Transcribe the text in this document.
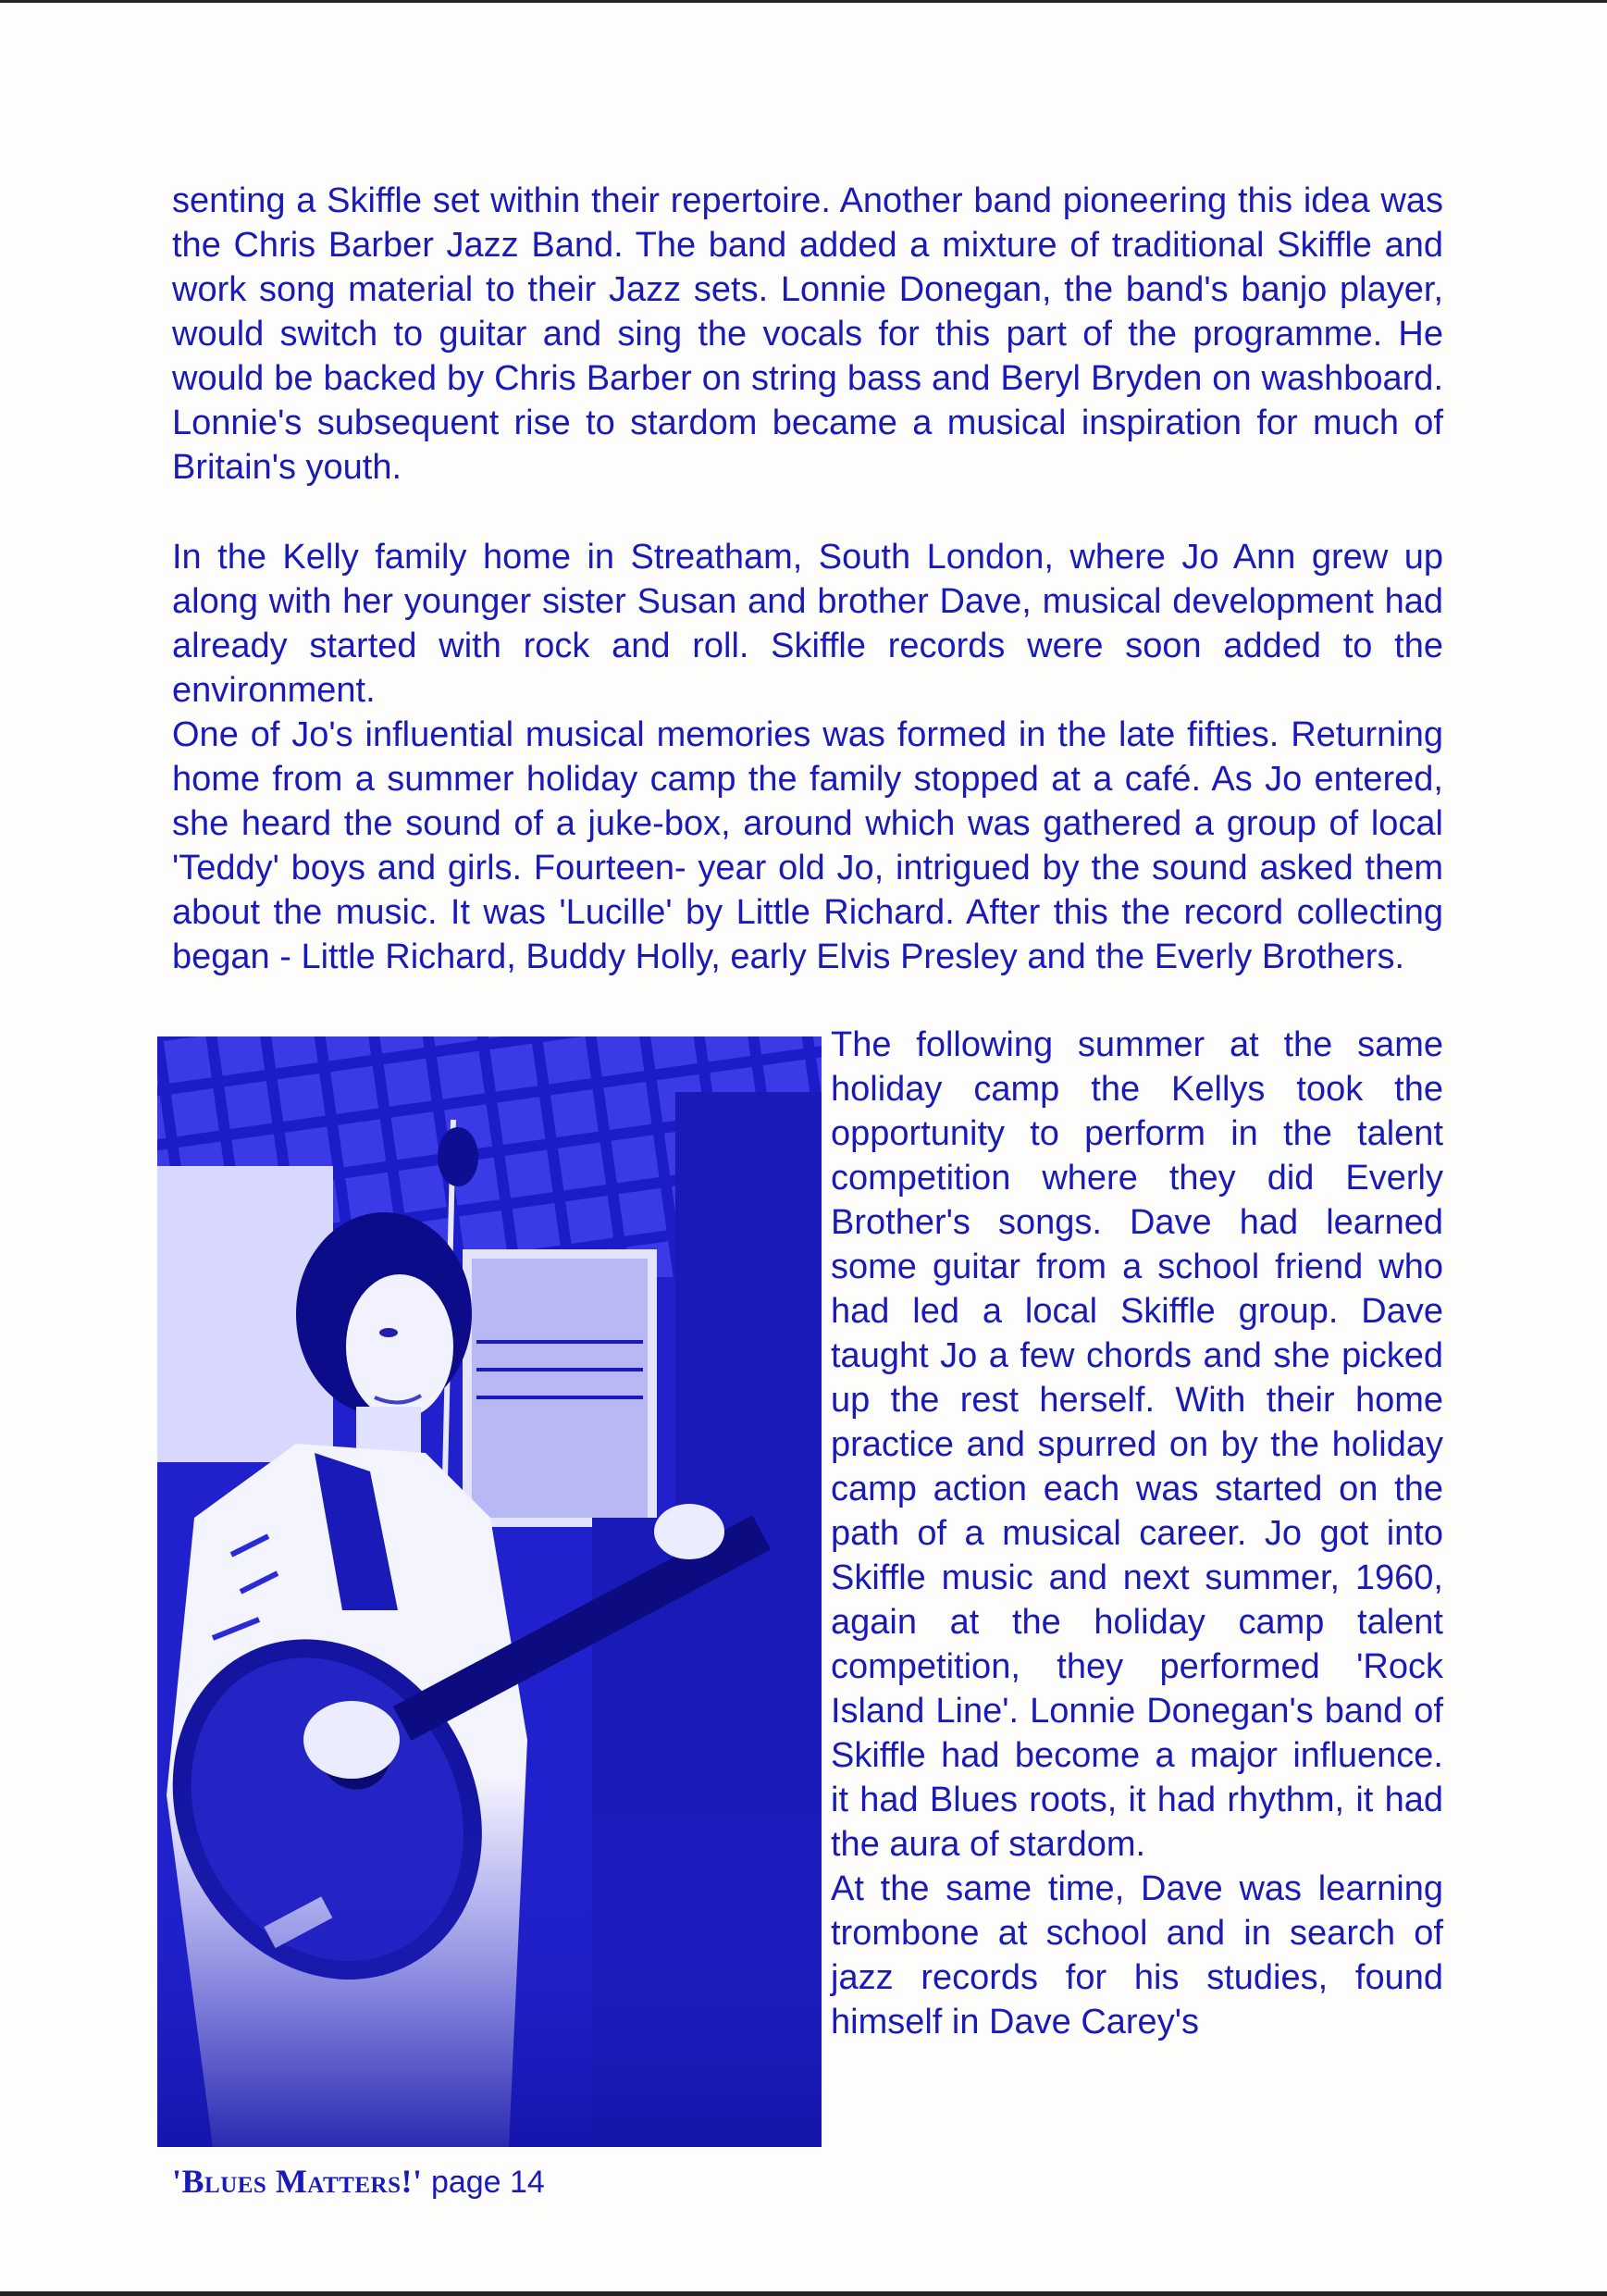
senting a Skiffle set within their repertoire. Another band pioneering this idea was the Chris Barber Jazz Band. The band added a mixture of traditional Skiffle and work song material to their Jazz sets. Lonnie Donegan, the band's banjo player, would switch to guitar and sing the vocals for this part of the programme. He would be backed by Chris Barber on string bass and Beryl Bryden on washboard. Lonnie's subsequent rise to stardom became a musical inspiration for much of Britain's youth.

In the Kelly family home in Streatham, South London, where Jo Ann grew up along with her younger sister Susan and brother Dave, musical development had already started with rock and roll. Skiffle records were soon added to the environment.

One of Jo's influential musical memories was formed in the late fifties. Returning home from a summer holiday camp the family stopped at a café. As Jo entered, she heard the sound of a juke-box, around which was gathered a group of local 'Teddy' boys and girls. Fourteen- year old Jo, intrigued by the sound asked them about the music. It was 'Lucille' by Little Richard. After this the record collecting began - Little Richard, Buddy Holly, early Elvis Presley and the Everly Brothers.

The following summer at the same holiday camp the Kellys took the opportunity to perform in the talent competition where they did Everly Brother's songs. Dave had learned some guitar from a school friend who had led a local Skiffle group. Dave taught Jo a few chords and she picked up the rest herself. With their home practice and spurred on by the holiday camp action each was started on the path of a musical career. Jo got into Skiffle music and next summer, 1960, again at the holiday camp talent competition, they performed 'Rock Island Line'. Lonnie Donegan's band of Skiffle had become a major influence. it had Blues roots, it had rhythm, it had the aura of stardom.

At the same time, Dave was learning trombone at school and in search of jazz records for his studies, found himself in Dave Carey's

'Blues Matters!' page 14
